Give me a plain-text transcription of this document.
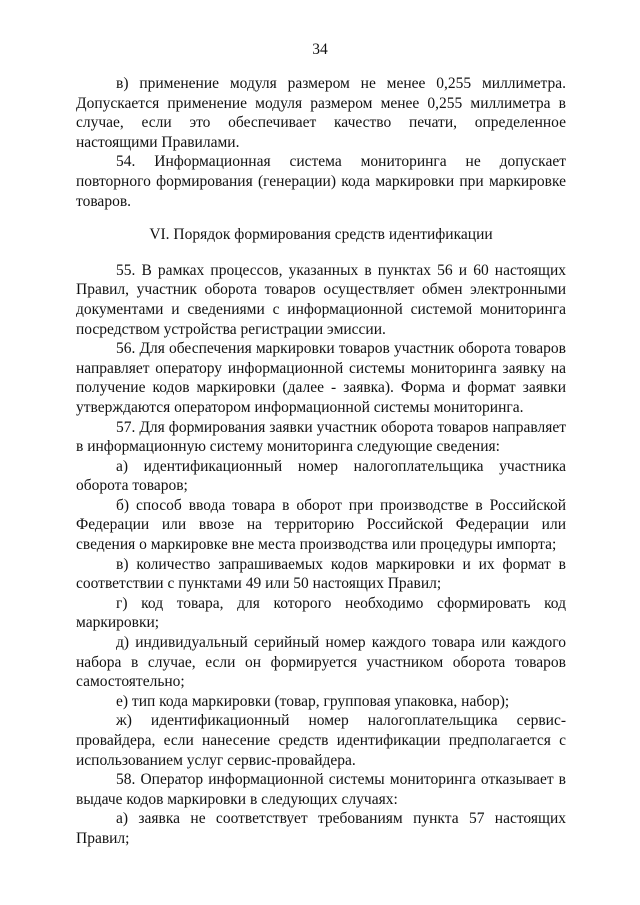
34

в) применение модуля размером не менее 0,255 миллиметра. Допускается применение модуля размером менее 0,255 миллиметра в случае, если это обеспечивает качество печати, определенное настоящими Правилами.

54. Информационная система мониторинга не допускает повторного формирования (генерации) кода маркировки при маркировке товаров.

VI. Порядок формирования средств идентификации

55. В рамках процессов, указанных в пунктах 56 и 60 настоящих Правил, участник оборота товаров осуществляет обмен электронными документами и сведениями с информационной системой мониторинга посредством устройства регистрации эмиссии.

56. Для обеспечения маркировки товаров участник оборота товаров направляет оператору информационной системы мониторинга заявку на получение кодов маркировки (далее - заявка). Форма и формат заявки утверждаются оператором информационной системы мониторинга.

57. Для формирования заявки участник оборота товаров направляет в информационную систему мониторинга следующие сведения:

а) идентификационный номер налогоплательщика участника оборота товаров;

б) способ ввода товара в оборот при производстве в Российской Федерации или ввозе на территорию Российской Федерации или сведения о маркировке вне места производства или процедуры импорта;

в) количество запрашиваемых кодов маркировки и их формат в соответствии с пунктами 49 или 50 настоящих Правил;

г) код товара, для которого необходимо сформировать код маркировки;

д) индивидуальный серийный номер каждого товара или каждого набора в случае, если он формируется участником оборота товаров самостоятельно;

е) тип кода маркировки (товар, групповая упаковка, набор);

ж) идентификационный номер налогоплательщика сервис-провайдера, если нанесение средств идентификации предполагается с использованием услуг сервис-провайдера.

58. Оператор информационной системы мониторинга отказывает в выдаче кодов маркировки в следующих случаях:

а) заявка не соответствует требованиям пункта 57 настоящих Правил;
